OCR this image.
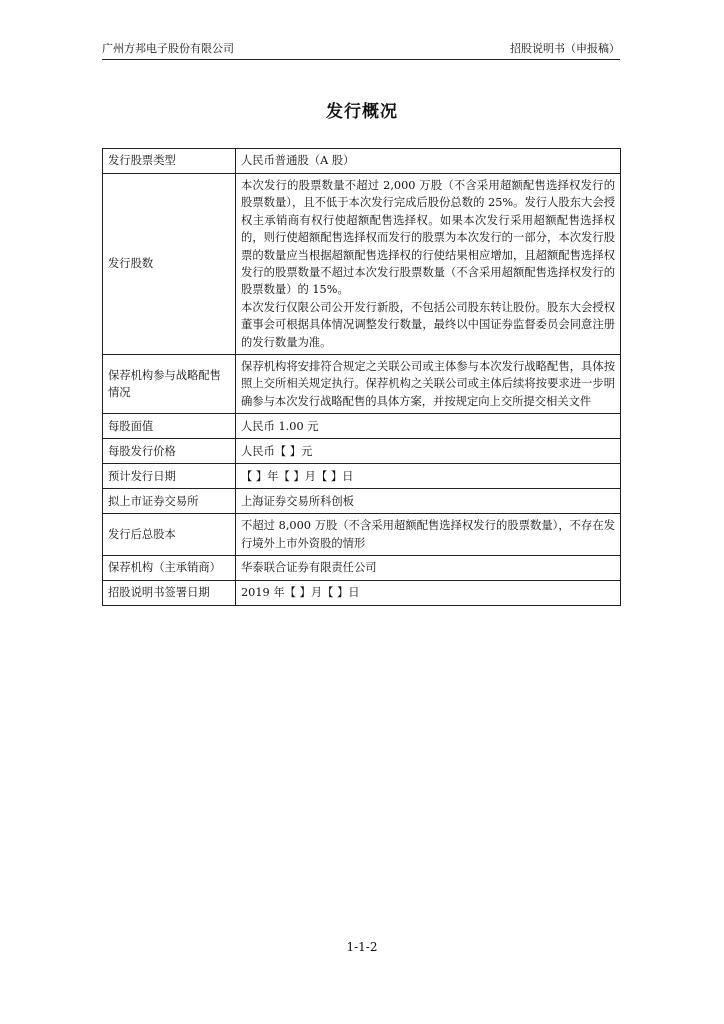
广州方邦电子股份有限公司	招股说明书（申报稿）
发行概况
发行股票类型	人民币普通股（A 股）
发行股数	本次发行的股票数量不超过 2,000 万股（不含采用超额配售选择权发行的股票数量），且不低于本次发行完成后股份总数的 25%。发行人股东大会授权主承销商有权行使超额配售选择权。如果本次发行采用超额配售选择权的，则行使超额配售选择权而发行的股票为本次发行的一部分，本次发行股票的数量应当根据超额配售选择权的行使结果相应增加，且超额配售选择权发行的股票数量不超过本次发行股票数量（不含采用超额配售选择权发行的股票数量）的 15%。

本次发行仅限公司公开发行新股，不包括公司股东转让股份。股东大会授权董事会可根据具体情况调整发行数量，最终以中国证券监督委员会同意注册的发行数量为准。

保荐机构参与战略配售情况	保荐机构将安排符合规定之关联公司或主体参与本次发行战略配售，具体按照上交所相关规定执行。保荐机构之关联公司或主体后续将按要求进一步明确参与本次发行战略配售的具体方案，并按规定向上交所提交相关文件
每股面值	人民币 1.00 元
每股发行价格	人民币【 】元
预计发行日期	【 】年【 】月【 】日
拟上市证券交易所	上海证券交易所科创板
发行后总股本	不超过 8,000 万股（不含采用超额配售选择权发行的股票数量），不存在发行境外上市外资股的情形
保荐机构（主承销商）	华泰联合证券有限责任公司
招股说明书签署日期	2019 年【 】月【 】日
1-1-2
